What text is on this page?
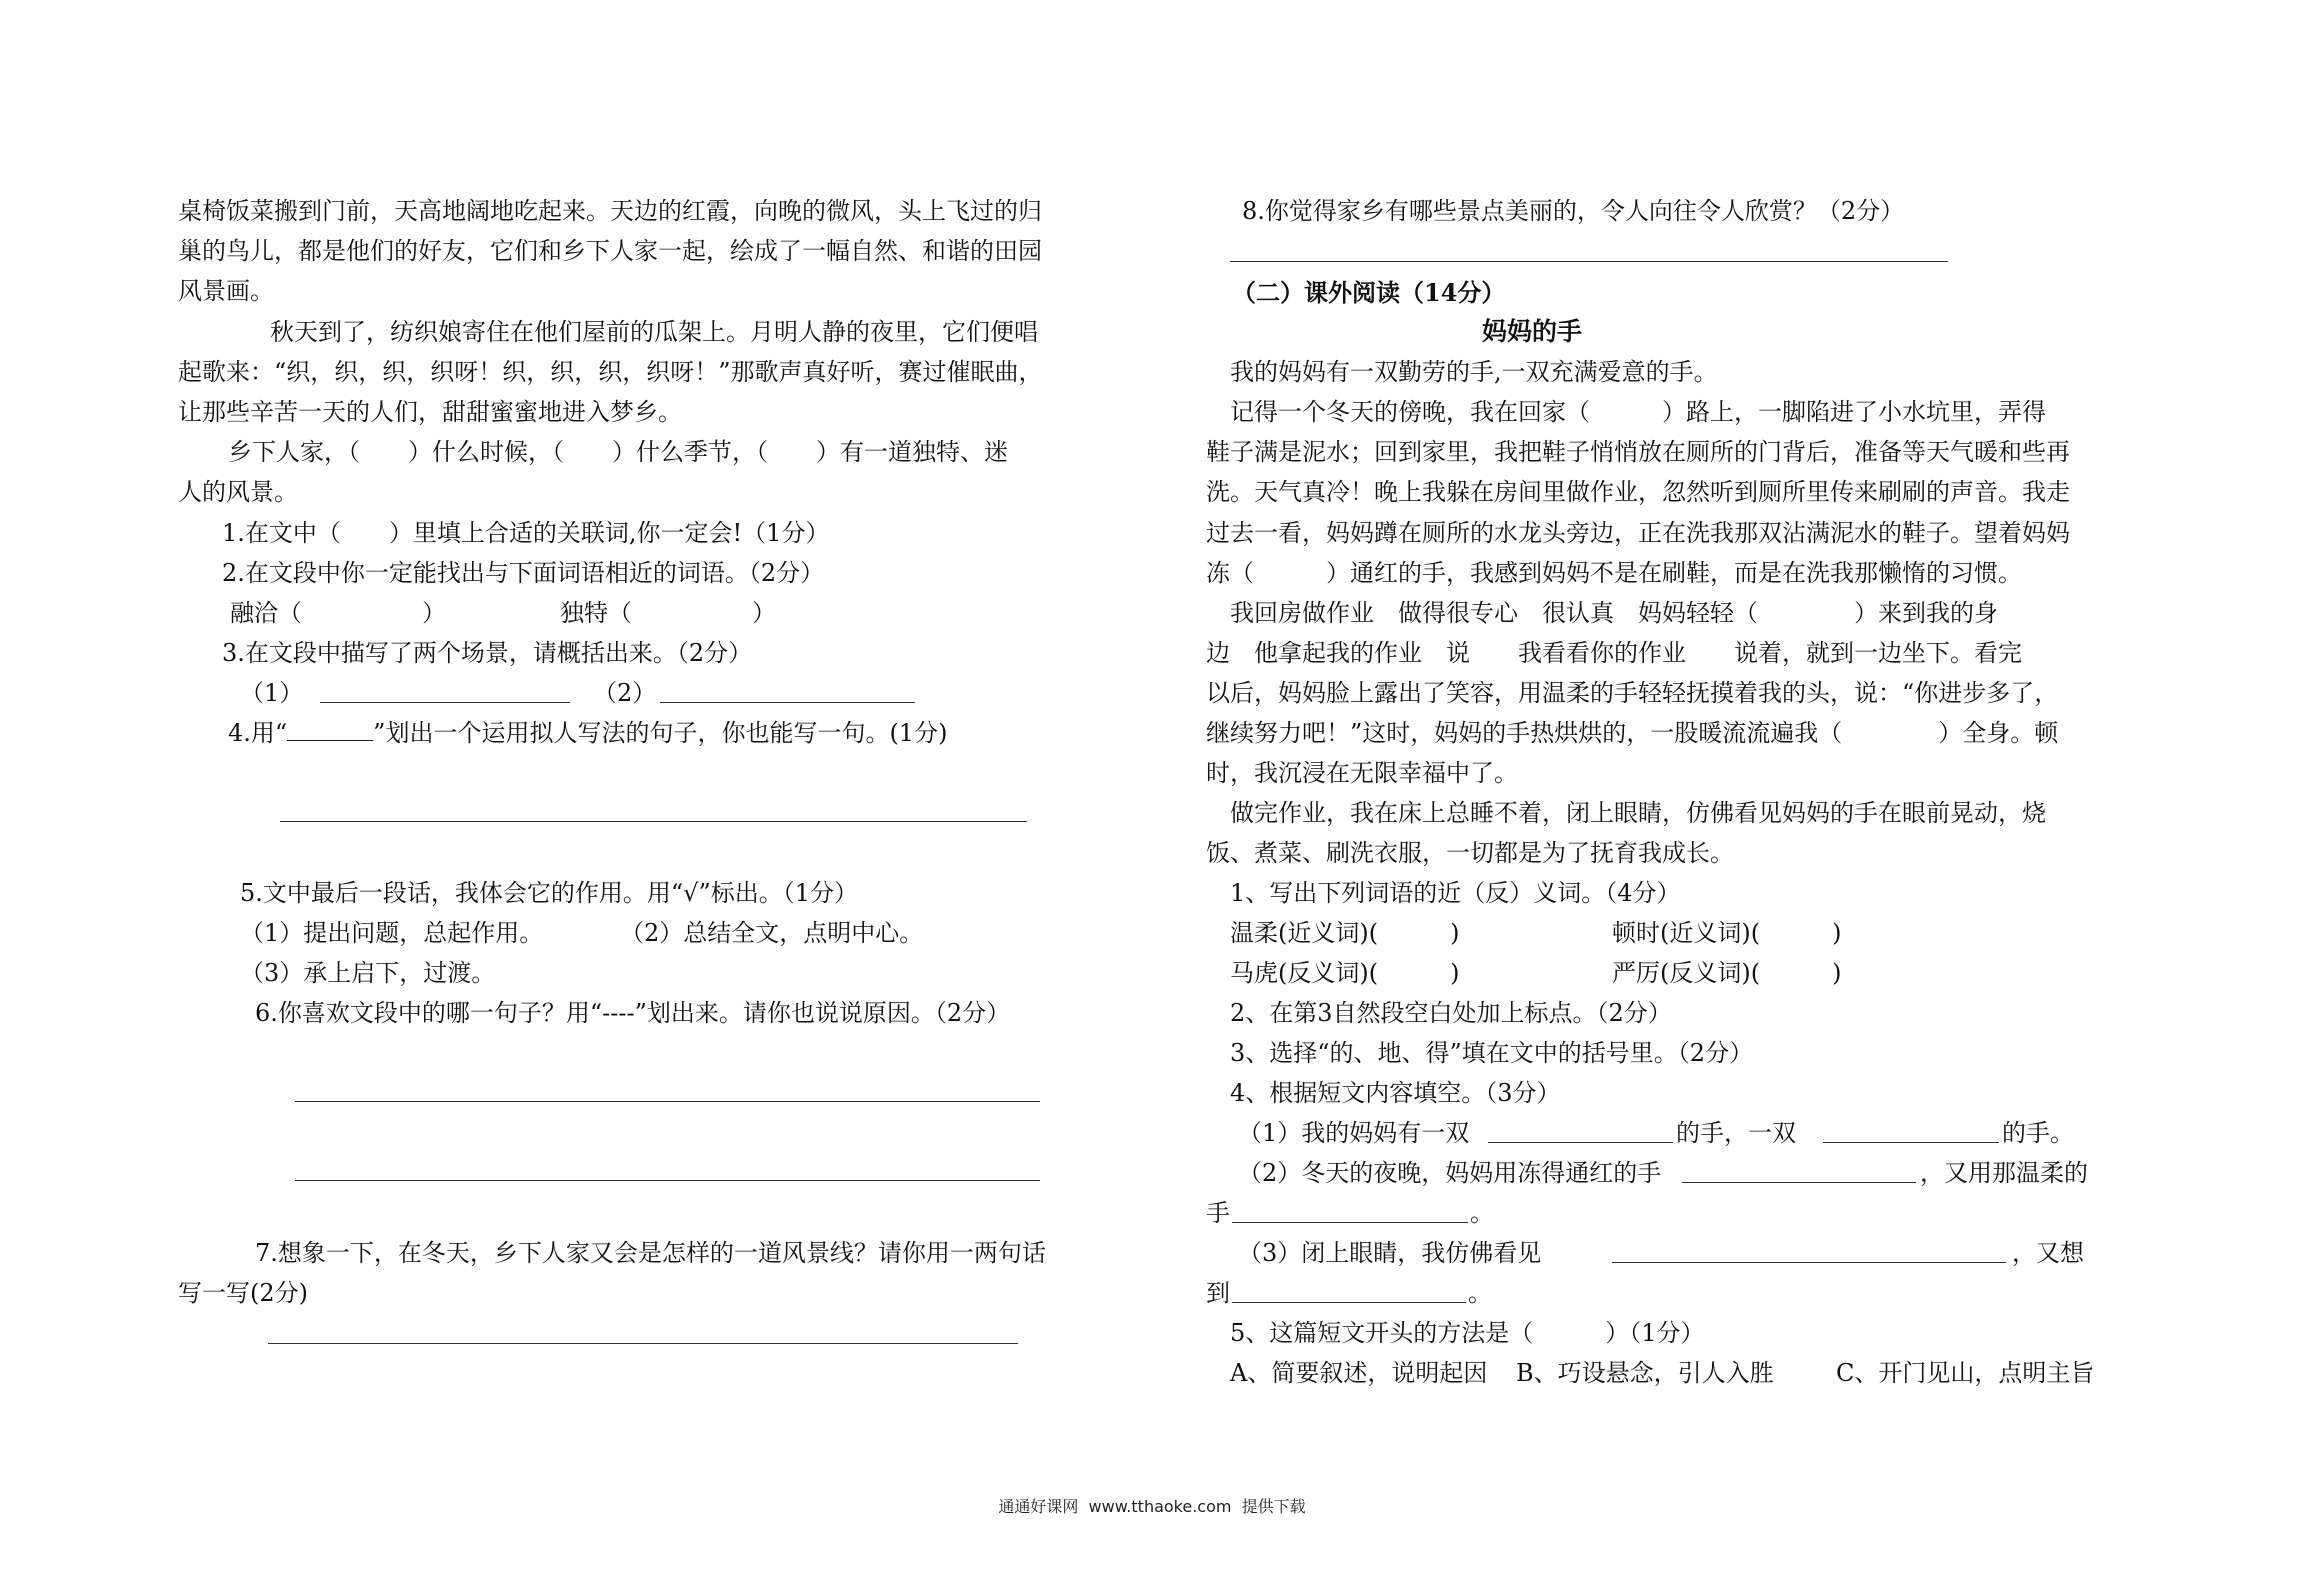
桌椅饭菜搬到门前，天高地阔地吃起来。天边的红霞，向晚的微风，头上飞过的归
巢的鸟儿，都是他们的好友，它们和乡下人家一起，绘成了一幅自然、和谐的田园
风景画。
秋天到了，纺织娘寄住在他们屋前的瓜架上。月明人静的夜里，它们便唱
起歌来：“织，织，织，织呀！织，织，织，织呀！”那歌声真好听，赛过催眠曲，
让那些辛苦一天的人们，甜甜蜜蜜地进入梦乡。
乡下人家，（　　）什么时候，（　　）什么季节，（　　）有一道独特、迷
人的风景。
1.在文中（　　）里填上合适的关联词,你一定会!（1分）
2.在文段中你一定能找出与下面词语相近的词语。（2分）
融洽（　　　　　）	独特（　　　　　）
3.在文段中描写了两个场景，请概括出来。（2分）
（1）	（2）
4.用“	”划出一个运用拟人写法的句子，你也能写一句。(1分)
5.文中最后一段话，我体会它的作用。用“√”标出。（1分）
（1）提出问题，总起作用。	（2）总结全文，点明中心。
（3）承上启下，过渡。
6.你喜欢文段中的哪一句子？用“----”划出来。请你也说说原因。（2分）
7.想象一下，在冬天，乡下人家又会是怎样的一道风景线？请你用一两句话
写一写(2分)
8.你觉得家乡有哪些景点美丽的，令人向往令人欣赏？（2分）
（二）课外阅读（14分）
妈妈的手
我的妈妈有一双勤劳的手,一双充满爱意的手。
记得一个冬天的傍晚，我在回家（　　　）路上，一脚陷进了小水坑里，弄得
鞋子满是泥水；回到家里，我把鞋子悄悄放在厕所的门背后，准备等天气暖和些再
洗。天气真冷！晚上我躲在房间里做作业，忽然听到厕所里传来刷刷的声音。我走
过去一看，妈妈蹲在厕所的水龙头旁边，正在洗我那双沾满泥水的鞋子。望着妈妈
冻（　　　）通红的手，我感到妈妈不是在刷鞋，而是在洗我那懒惰的习惯。
我回房做作业　做得很专心　很认真　妈妈轻轻（　　　　）来到我的身
边　他拿起我的作业　说　　我看看你的作业　　说着，就到一边坐下。看完
以后，妈妈脸上露出了笑容，用温柔的手轻轻抚摸着我的头，说：“你进步多了，
继续努力吧！”这时，妈妈的手热烘烘的，一股暖流流遍我（　　　　）全身。顿
时，我沉浸在无限幸福中了。
做完作业，我在床上总睡不着，闭上眼睛，仿佛看见妈妈的手在眼前晃动，烧
饭、煮菜、刷洗衣服，一切都是为了抚育我成长。
1、写出下列词语的近（反）义词。（4分）
温柔(近义词)(　　　)	顿时(近义词)(　　　)
马虎(反义词)(　　　)	严厉(反义词)(　　　)
2、在第3自然段空白处加上标点。（2分）
3、选择“的、地、得”填在文中的括号里。（2分）
4、根据短文内容填空。（3分）
（1）我的妈妈有一双	的手，一双	的手。
（2）冬天的夜晚，妈妈用冻得通红的手	，又用那温柔的
手	。
（3）闭上眼睛，我仿佛看见	，又想
到	。
5、这篇短文开头的方法是（　　　）（1分）
A、简要叙述，说明起因 B、巧设悬念，引人入胜	C、开门见山，点明主旨
通通好课网  www.tthaoke.com  提供下载
